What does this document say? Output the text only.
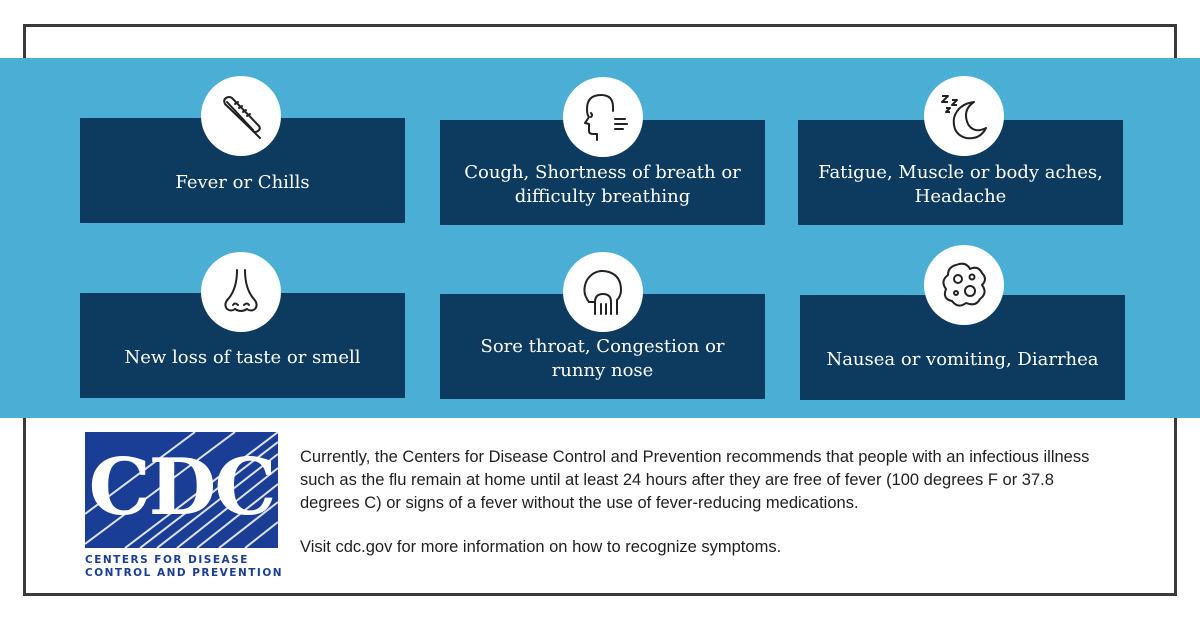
Fever or Chills	Cough, Shortness of breath or difficulty breathing
Fatigue, Muscle or body aches, Headache
New loss of taste or smell
Sore throat, Congestion or runny nose
Nausea or vomiting, Diarrhea
CDC
CENTERS FOR DISEASE
CONTROL AND PREVENTION

Currently, the Centers for Disease Control and Prevention recommends that people with an infectious illness such as the flu remain at home until at least 24 hours after they are free of fever (100 degrees F or 37.8 degrees C) or signs of a fever without the use of fever-reducing medications.

Visit cdc.gov for more information on how to recognize symptoms.
